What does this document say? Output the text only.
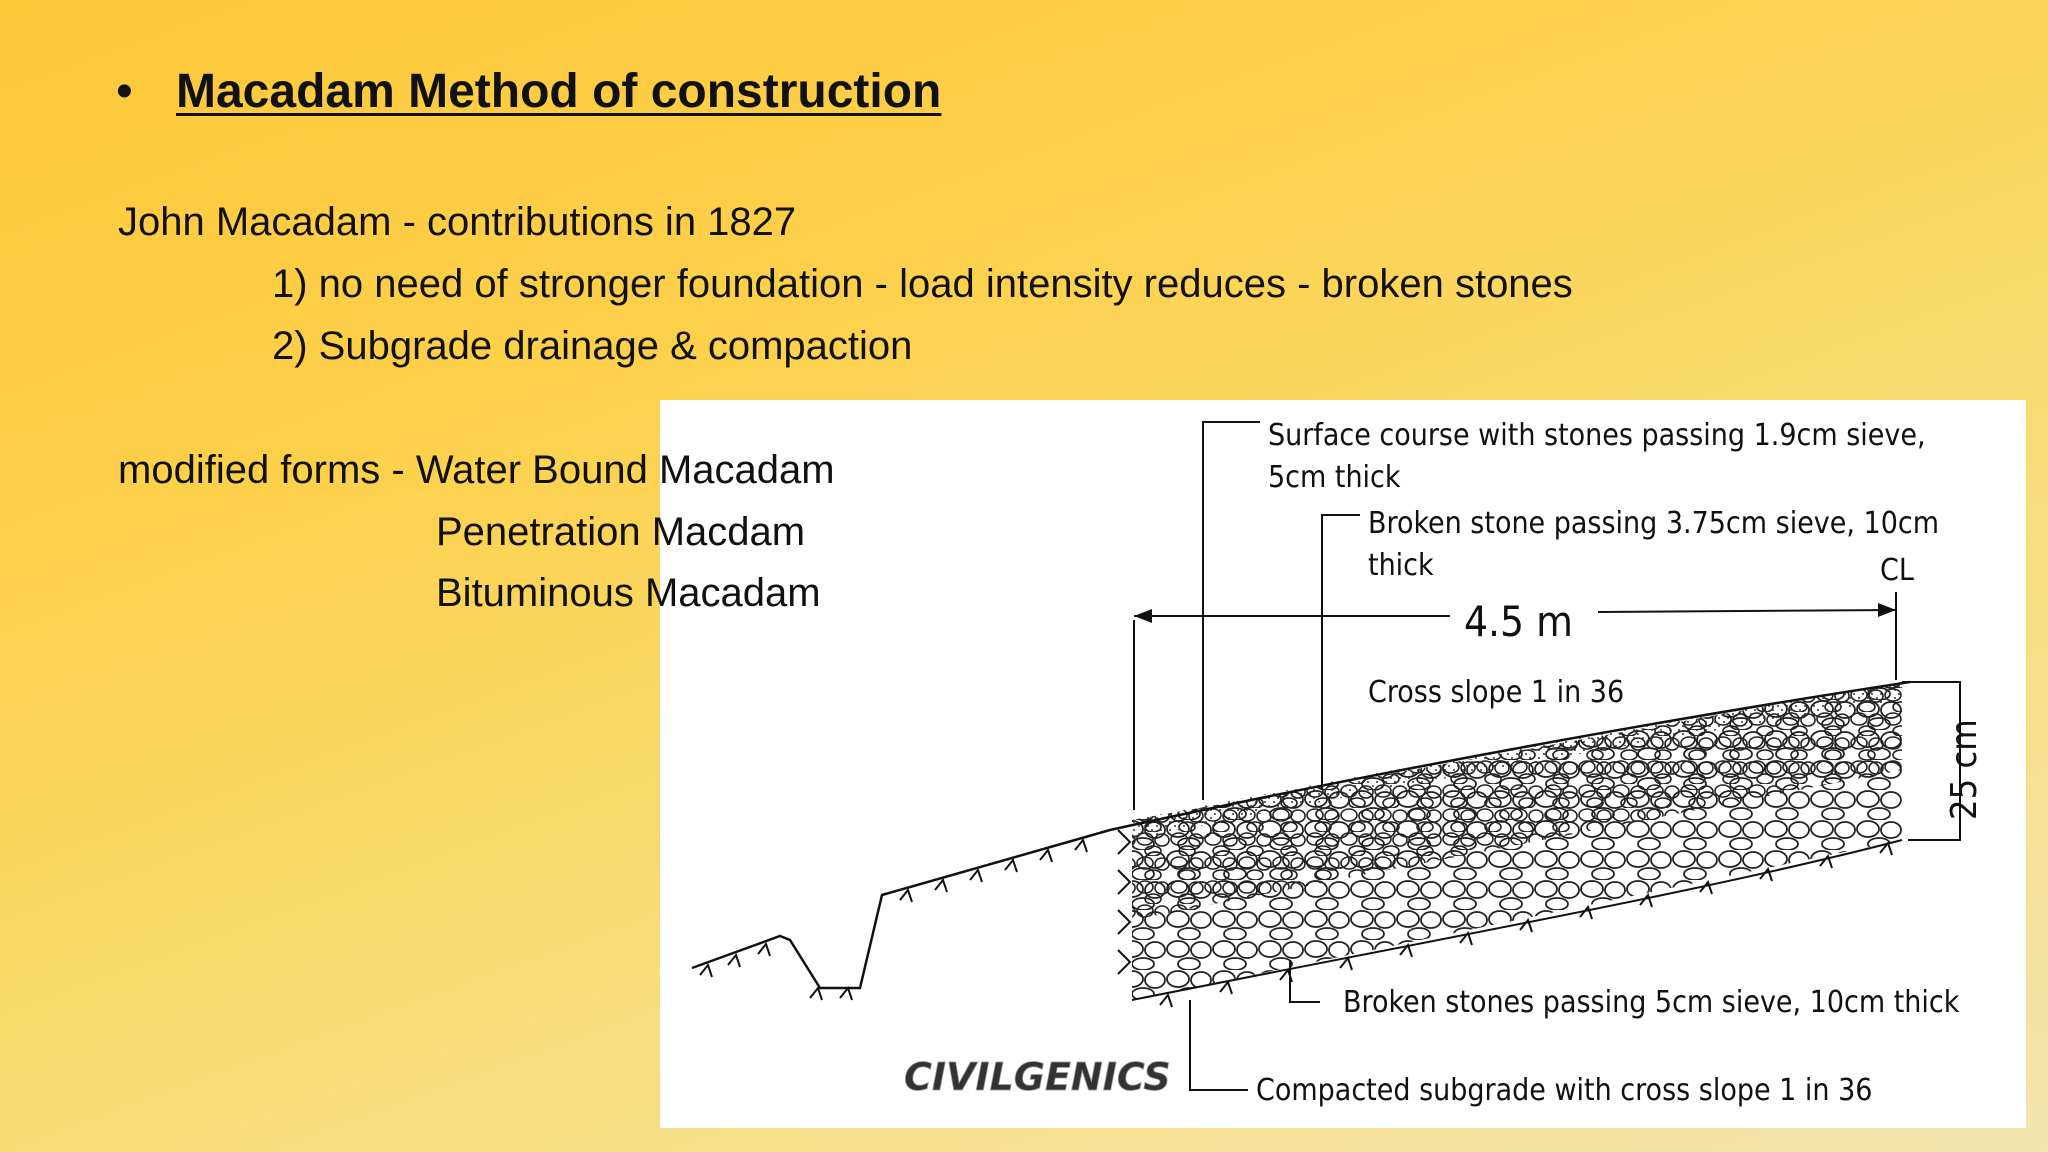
• Macadam Method of construction
John Macadam - contributions in 1827
1) no need of stronger foundation - load intensity reduces - broken stones
2) Subgrade drainage & compaction
Surface course with stones passing 1.9cm sieve,
5cm thick
Broken stone passing 3.75cm sieve, 10cm
thick	CL
4.5 m
Cross slope 1 in 36
25 cm
Broken stones passing 5cm sieve, 10cm thick
Compacted subgrade with cross slope 1 in 36
CIVILGENICS
modified forms - Water Bound Macadam
Penetration Macdam
Bituminous Macadam
